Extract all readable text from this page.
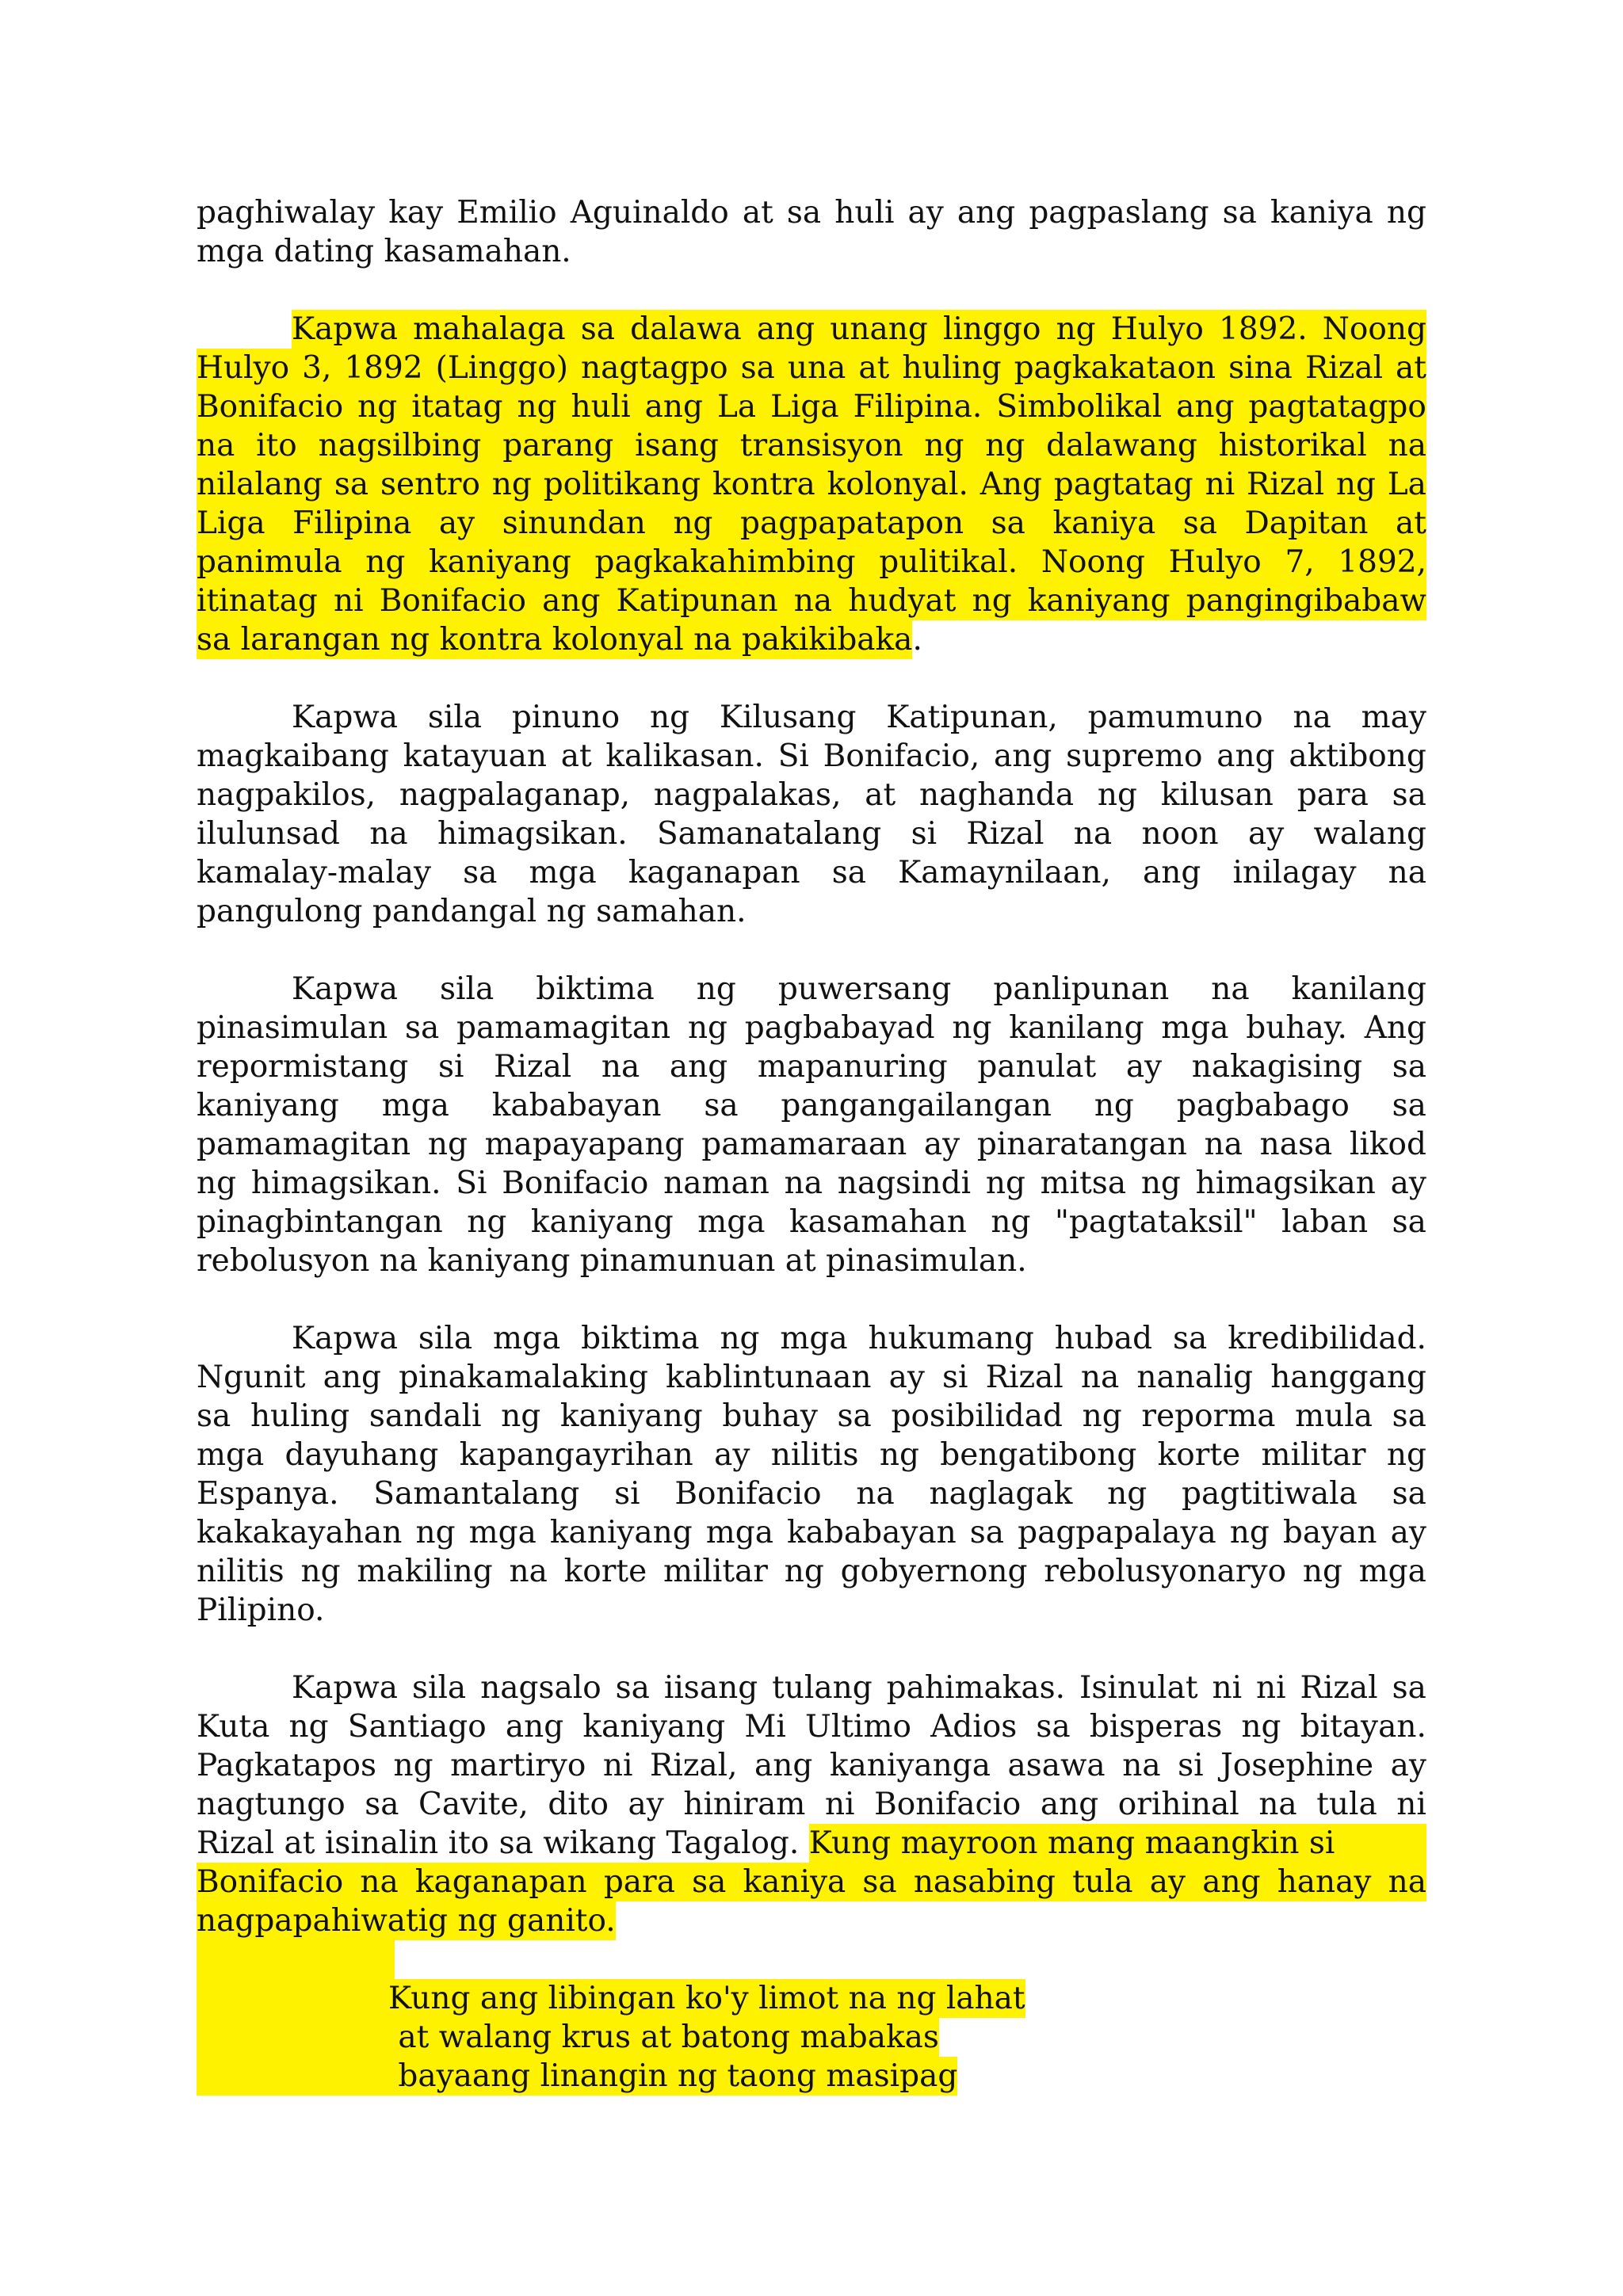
paghiwalay kay Emilio Aguinaldo at sa huli ay ang pagpaslang sa kaniya ng
mga dating kasamahan.
Kapwa mahalaga sa dalawa ang unang linggo ng Hulyo 1892. Noong
Hulyo 3, 1892 (Linggo) nagtagpo sa una at huling pagkakataon sina Rizal at
Bonifacio ng itatag ng huli ang La Liga Filipina. Simbolikal ang pagtatagpo
na ito nagsilbing parang isang transisyon ng ng dalawang historikal na
nilalang sa sentro ng politikang kontra kolonyal. Ang pagtatag ni Rizal ng La
Liga Filipina ay sinundan ng pagpapatapon sa kaniya sa Dapitan at
panimula ng kaniyang pagkakahimbing pulitikal. Noong Hulyo 7, 1892,
itinatag ni Bonifacio ang Katipunan na hudyat ng kaniyang pangingibabaw
sa larangan ng kontra kolonyal na pakikibaka .
Kapwa sila pinuno ng Kilusang Katipunan, pamumuno na may
magkaibang katayuan at kalikasan. Si Bonifacio, ang supremo ang aktibong
nagpakilos, nagpalaganap, nagpalakas, at naghanda ng kilusan para sa
ilulunsad na himagsikan. Samanatalang si Rizal na noon ay walang
kamalay-malay sa mga kaganapan sa Kamaynilaan, ang inilagay na
pangulong pandangal ng samahan.
Kapwa sila biktima ng puwersang panlipunan na kanilang
pinasimulan sa pamamagitan ng pagbabayad ng kanilang mga buhay. Ang
repormistang si Rizal na ang mapanuring panulat ay nakagising sa
kaniyang mga kababayan sa pangangailangan ng pagbabago sa
pamamagitan ng mapayapang pamamaraan ay pinaratangan na nasa likod
ng himagsikan. Si Bonifacio naman na nagsindi ng mitsa ng himagsikan ay
pinagbintangan ng kaniyang mga kasamahan ng "pagtataksil" laban sa
rebolusyon na kaniyang pinamunuan at pinasimulan.
Kapwa sila mga biktima ng mga hukumang hubad sa kredibilidad.
Ngunit ang pinakamalaking kablintunaan ay si Rizal na nanalig hanggang
sa huling sandali ng kaniyang buhay sa posibilidad ng reporma mula sa
mga dayuhang kapangayrihan ay nilitis ng bengatibong korte militar ng
Espanya. Samantalang si Bonifacio na naglagak ng pagtitiwala sa
kakakayahan ng mga kaniyang mga kababayan sa pagpapalaya ng bayan ay
nilitis ng makiling na korte militar ng gobyernong rebolusyonaryo ng mga
Pilipino.
Kapwa sila nagsalo sa iisang tulang pahimakas. Isinulat ni ni Rizal sa
Kuta ng Santiago ang kaniyang Mi Ultimo Adios sa bisperas ng bitayan.
Pagkatapos ng martiryo ni Rizal, ang kaniyanga asawa na si Josephine ay
nagtungo sa Cavite, dito ay hiniram ni Bonifacio ang orihinal na tula ni
Rizal at isinalin ito sa wikang Tagalog. Kung mayroon mang maangkin si
Bonifacio na kaganapan para sa kaniya sa nasabing tula ay ang hanay na
nagpapahiwatig ng ganito.
Kung ang libingan ko'y limot na ng lahat
at walang krus at batong mabakas
bayaang linangin ng taong masipag
